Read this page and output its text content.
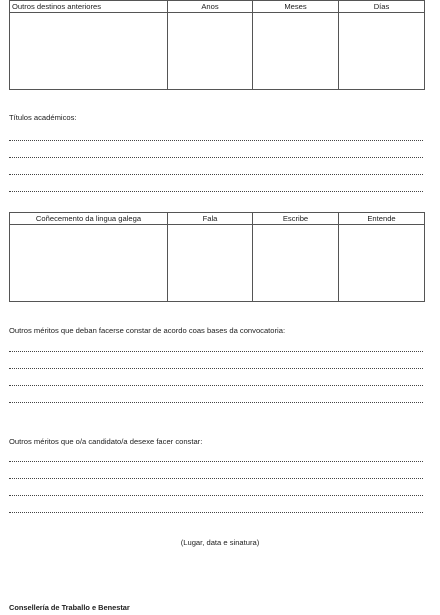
Outros destinos anteriores	Anos	Meses	Días

Títulos académicos:
Coñecemento da lingua galega	Fala	Escribe	Entende

Outros méritos que deban facerse constar de acordo coas bases da convocatoria:
Outros méritos que o/a candidato/a desexe facer constar:
(Lugar, data e sinatura)
Consellería de Traballo e Benestar
